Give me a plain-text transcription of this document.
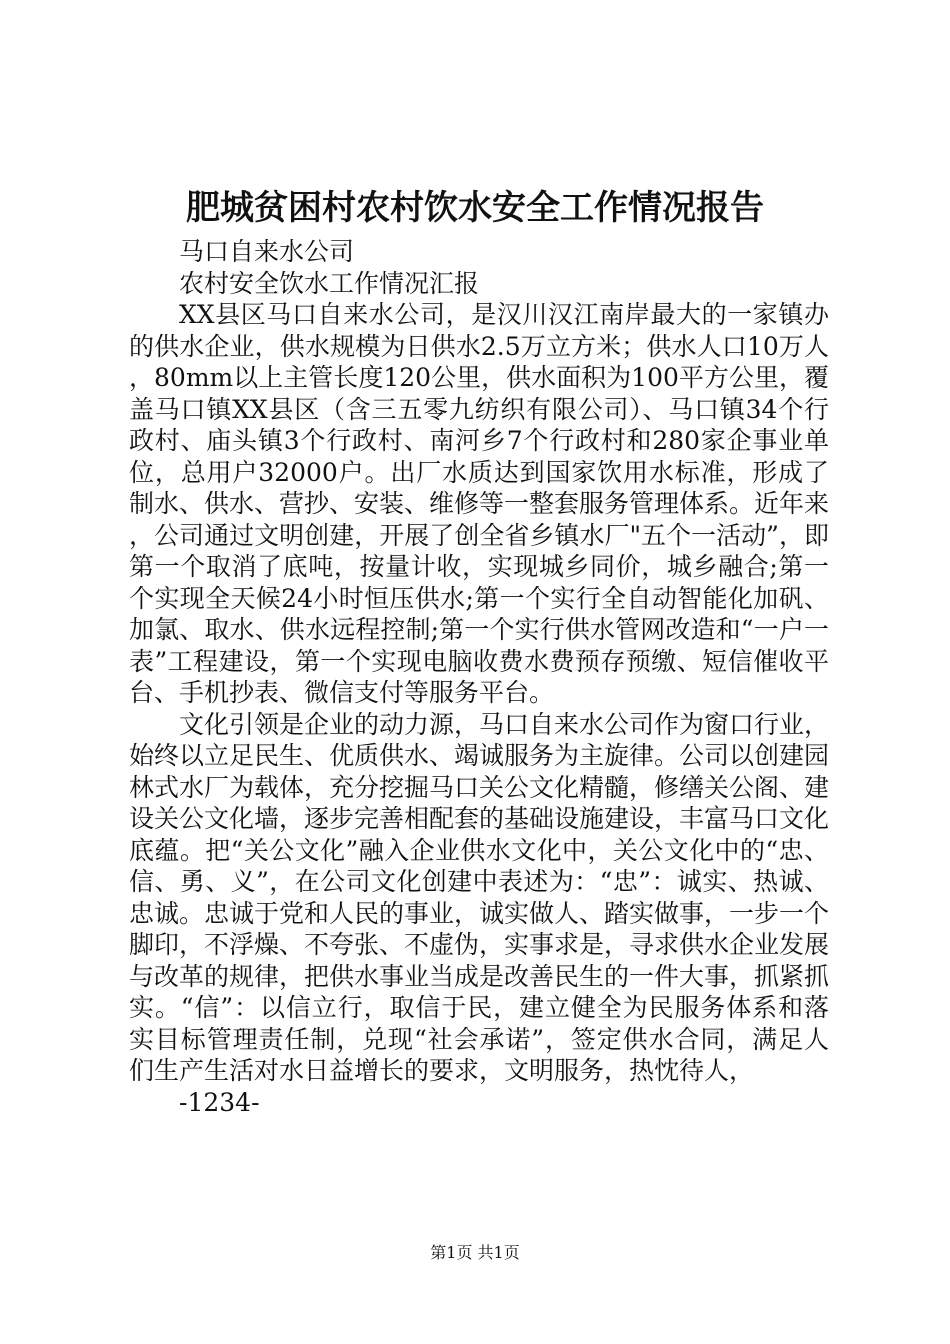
肥城贫困村农村饮水安全工作情况报告

马口自来水公司

农村安全饮水工作情况汇报

XX县区马口自来水公司，是汉川汉江南岸最大的一家镇办的供水企业，供水规模为日供水2.5万立方米；供水人口10万人，80mm以上主管长度120公里，供水面积为100平方公里，覆盖马口镇XX县区（含三五零九纺织有限公司）、马口镇34个行政村、庙头镇3个行政村、南河乡7个行政村和280家企事业单位，总用户32000户。出厂水质达到国家饮用水标准，形成了制水、供水、营抄、安装、维修等一整套服务管理体系。近年来，公司通过文明创建，开展了创全省乡镇水厂"五个一活动”，即第一个取消了底吨，按量计收，实现城乡同价，城乡融合;第一个实现全天候24小时恒压供水;第一个实行全自动智能化加矾、加氯、取水、供水远程控制;第一个实行供水管网改造和“一户一表”工程建设，第一个实现电脑收费水费预存预缴、短信催收平台、手机抄表、微信支付等服务平台。

文化引领是企业的动力源，马口自来水公司作为窗口行业，始终以立足民生、优质供水、竭诚服务为主旋律。公司以创建园林式水厂为载体，充分挖掘马口关公文化精髓，修缮关公阁、建设关公文化墙，逐步完善相配套的基础设施建设，丰富马口文化底蕴。把“关公文化”融入企业供水文化中，关公文化中的“忠、信、勇、义”，在公司文化创建中表述为：“忠”：诚实、热诚、忠诚。忠诚于党和人民的事业，诚实做人、踏实做事，一步一个脚印，不浮燥、不夸张、不虚伪，实事求是，寻求供水企业发展与改革的规律，把供水事业当成是改善民生的一件大事，抓紧抓实。“信”：以信立行，取信于民，建立健全为民服务体系和落实目标管理责任制，兑现“社会承诺”，签定供水合同，满足人们生产生活对水日益增长的要求，文明服务，热忱待人，

-1234-

第1页 共1页
